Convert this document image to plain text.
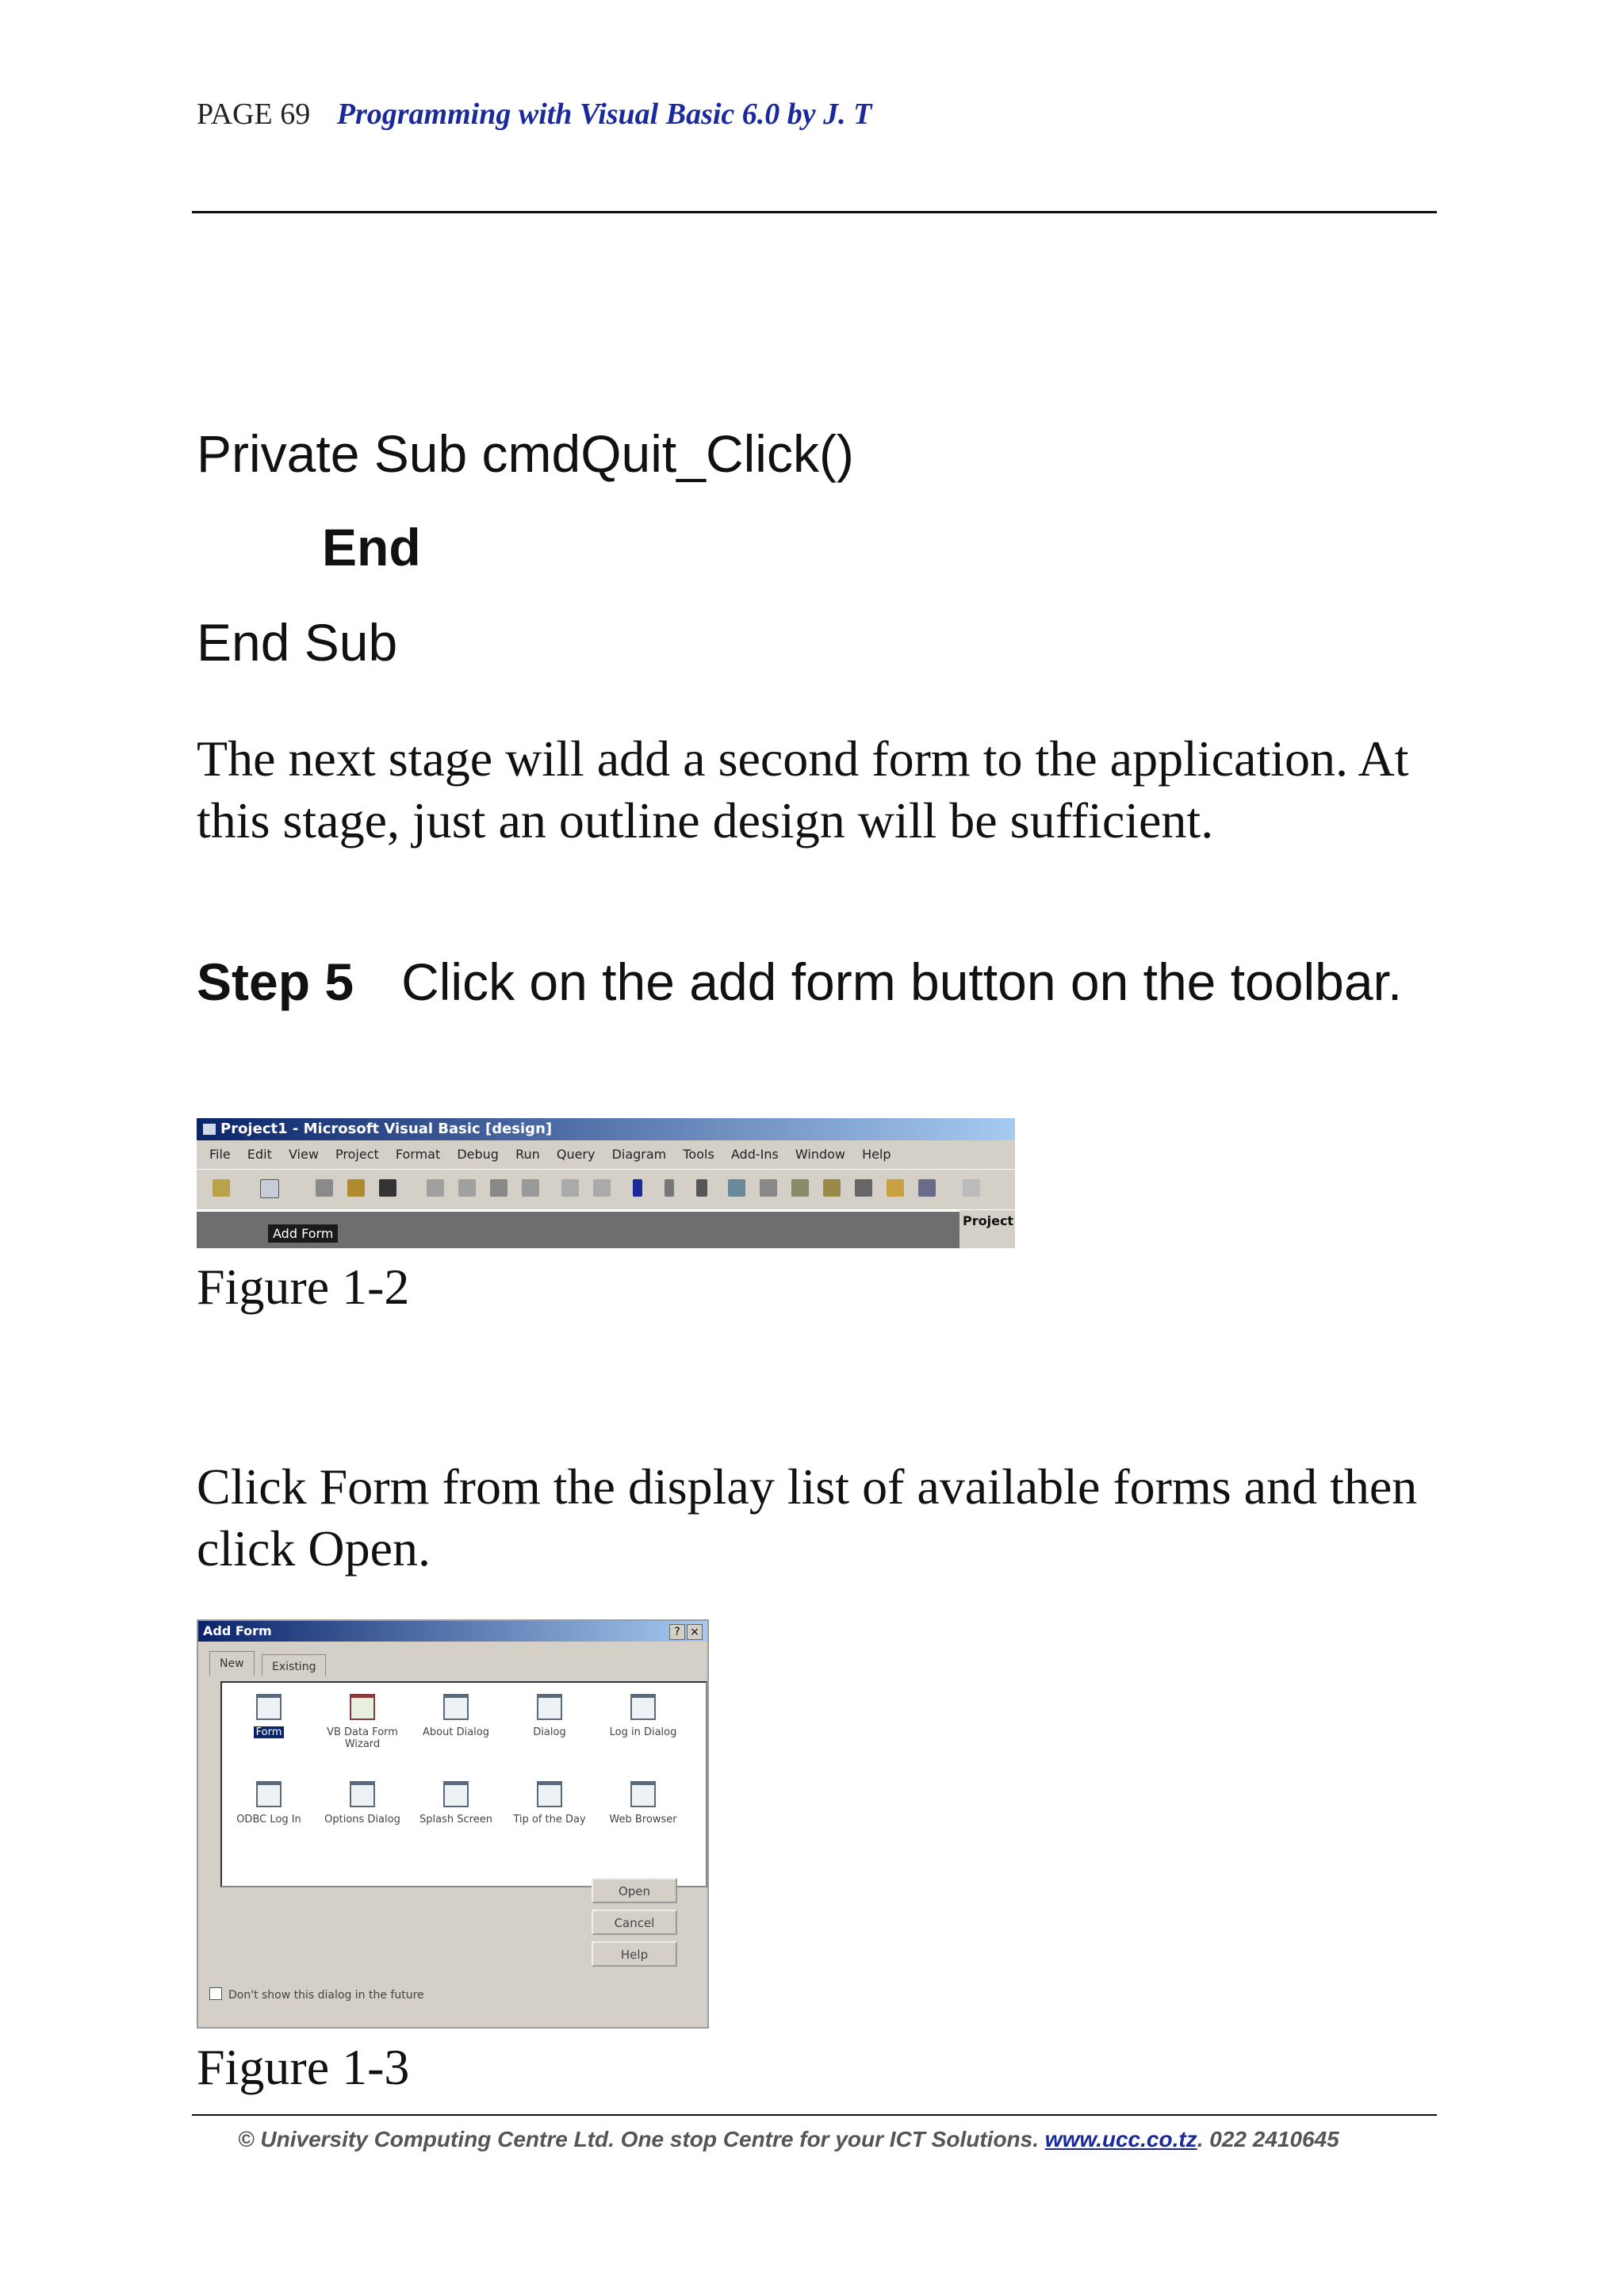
PAGE 69 Programming with Visual Basic 6.0 by J. T
Private Sub cmdQuit_Click()
End
End Sub
The next stage will add a second form to the application. At this stage, just an outline design will be sufficient.
Step 5 Click on the add form button on the toolbar.
Project1 - Microsoft Visual Basic [design]
File Edit View Project Format Debug Run Query Diagram Tools Add-Ins Window Help
Add Form
Project
Figure 1-2
Click Form from the display list of available forms and then click Open.
Add Form	? ×
New	Existing
Form	VB Data Form Wizard
About Dialog	Dialog	Log in Dialog
ODBC Log In	Options Dialog	Splash Screen	Tip of the Day	Web Browser
Open
Cancel
Help
Don't show this dialog in the future
Figure 1-3
© University Computing Centre Ltd. One stop Centre for your ICT Solutions. www.ucc.co.tz. 022 2410645
